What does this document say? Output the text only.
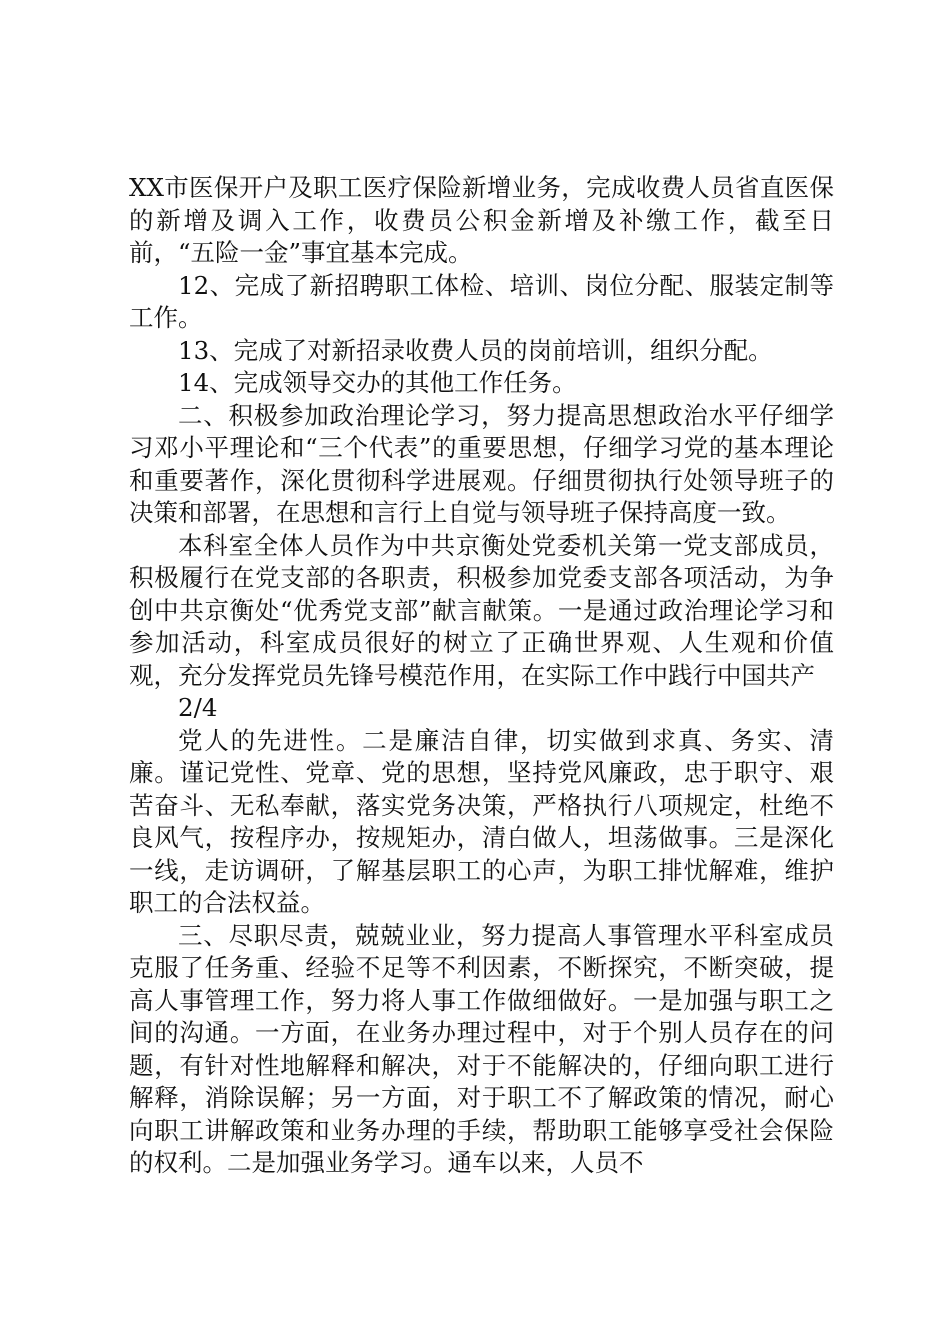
XX市医保开户及职工医疗保险新增业务，完成收费人员省直医保的新增及调入工作，收费员公积金新增及补缴工作，截至日前，“五险一金”事宜基本完成。

12、完成了新招聘职工体检、培训、岗位分配、服装定制等工作。

13、完成了对新招录收费人员的岗前培训，组织分配。

14、完成领导交办的其他工作任务。

二、积极参加政治理论学习，努力提高思想政治水平仔细学习邓小平理论和“三个代表”的重要思想，仔细学习党的基本理论和重要著作，深化贯彻科学进展观。仔细贯彻执行处领导班子的决策和部署，在思想和言行上自觉与领导班子保持高度一致。

本科室全体人员作为中共京衡处党委机关第一党支部成员，积极履行在党支部的各职责，积极参加党委支部各项活动，为争创中共京衡处“优秀党支部”献言献策。一是通过政治理论学习和参加活动，科室成员很好的树立了正确世界观、人生观和价值观，充分发挥党员先锋号模范作用，在实际工作中践行中国共产

2/4

党人的先进性。二是廉洁自律，切实做到求真、务实、清廉。谨记党性、党章、党的思想，坚持党风廉政，忠于职守、艰苦奋斗、无私奉献，落实党务决策，严格执行八项规定，杜绝不良风气，按程序办，按规矩办，清白做人，坦荡做事。三是深化一线，走访调研，了解基层职工的心声，为职工排忧解难，维护职工的合法权益。

三、尽职尽责，兢兢业业，努力提高人事管理水平科室成员克服了任务重、经验不足等不利因素，不断探究，不断突破，提高人事管理工作，努力将人事工作做细做好。一是加强与职工之间的沟通。一方面，在业务办理过程中，对于个别人员存在的问题，有针对性地解释和解决，对于不能解决的，仔细向职工进行解释，消除误解；另一方面，对于职工不了解政策的情况，耐心向职工讲解政策和业务办理的手续，帮助职工能够享受社会保险的权利。二是加强业务学习。通车以来，人员不
